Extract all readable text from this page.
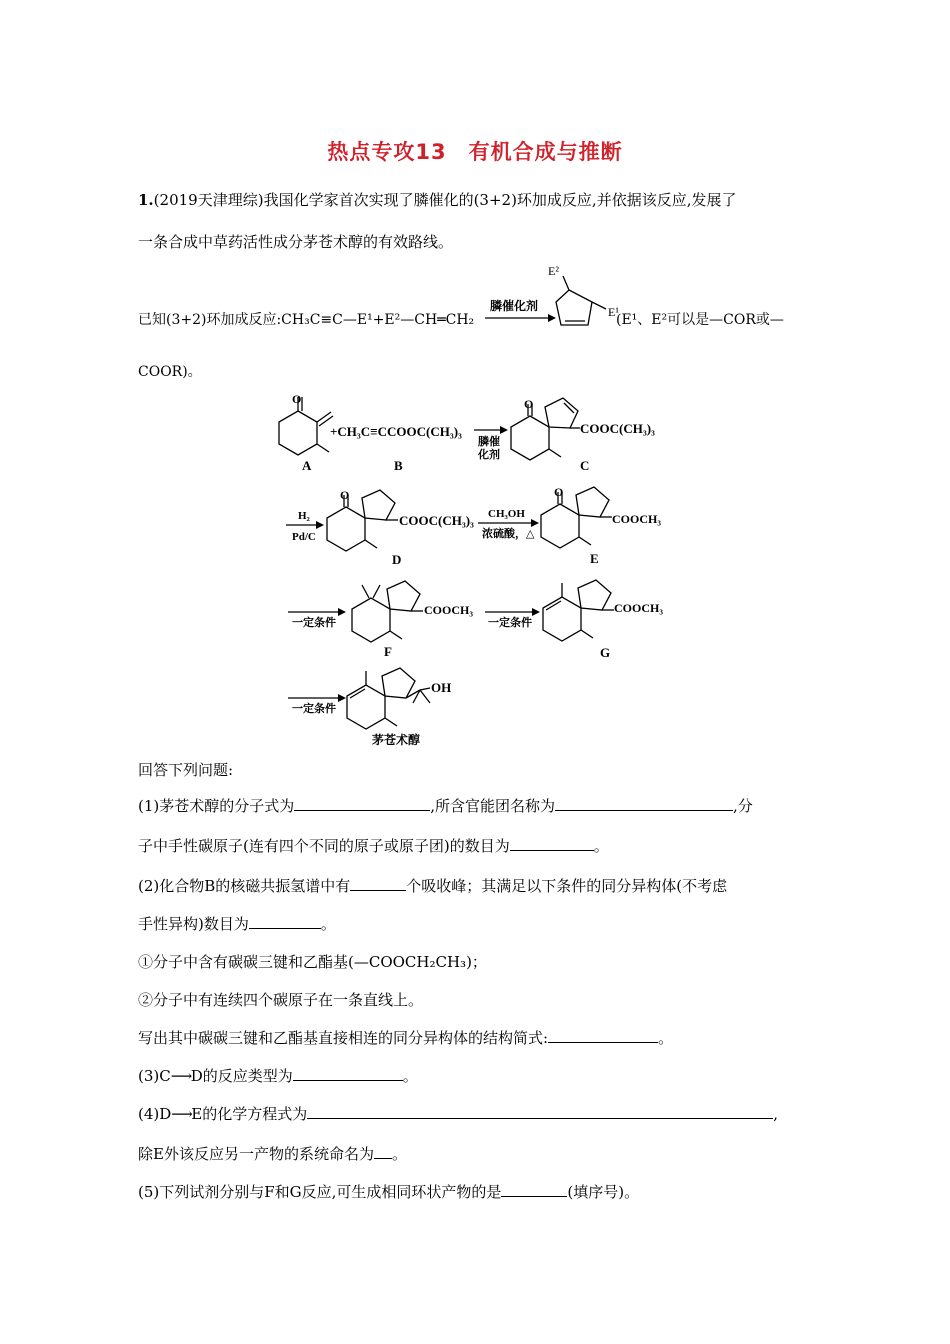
热点专攻13　有机合成与推断
1.(2019天津理综)我国化学家首次实现了膦催化的(3+2)环加成反应,并依据该反应,发展了
一条合成中草药活性成分茅苍术醇的有效路线。
已知(3+2)环加成反应:CH₃C≡C—E¹+E²—CH═CH₂
膦催化剂
E²
E¹
O
A
+CH₃C≡CCOOC(CH₃)₃
B
膦催
化剂
O
COOC(CH₃)₃
C
H₂
Pd/C
O
COOC(CH₃)₃
D
CH₃OH
浓硫酸，△
O
COOCH₃
E
一定条件
COOCH₃
F
一定条件
COOCH₃
G
一定条件
OH
茅苍术醇
(E¹、E²可以是—COR或—
COOR)。
回答下列问题:
(1)茅苍术醇的分子式为	,所含官能团名称为	,分
子中手性碳原子(连有四个不同的原子或原子团)的数目为	。
(2)化合物B的核磁共振氢谱中有	个吸收峰；其满足以下条件的同分异构体(不考虑
手性异构)数目为	。
①分子中含有碳碳三键和乙酯基(—COOCH₂CH₃)；
②分子中有连续四个碳原子在一条直线上。
写出其中碳碳三键和乙酯基直接相连的同分异构体的结构简式:	。
(3)C⟶D的反应类型为	。
(4)D⟶E的化学方程式为	,
除E外该反应另一产物的系统命名为 。
(5)下列试剂分别与F和G反应,可生成相同环状产物的是	(填序号)。
